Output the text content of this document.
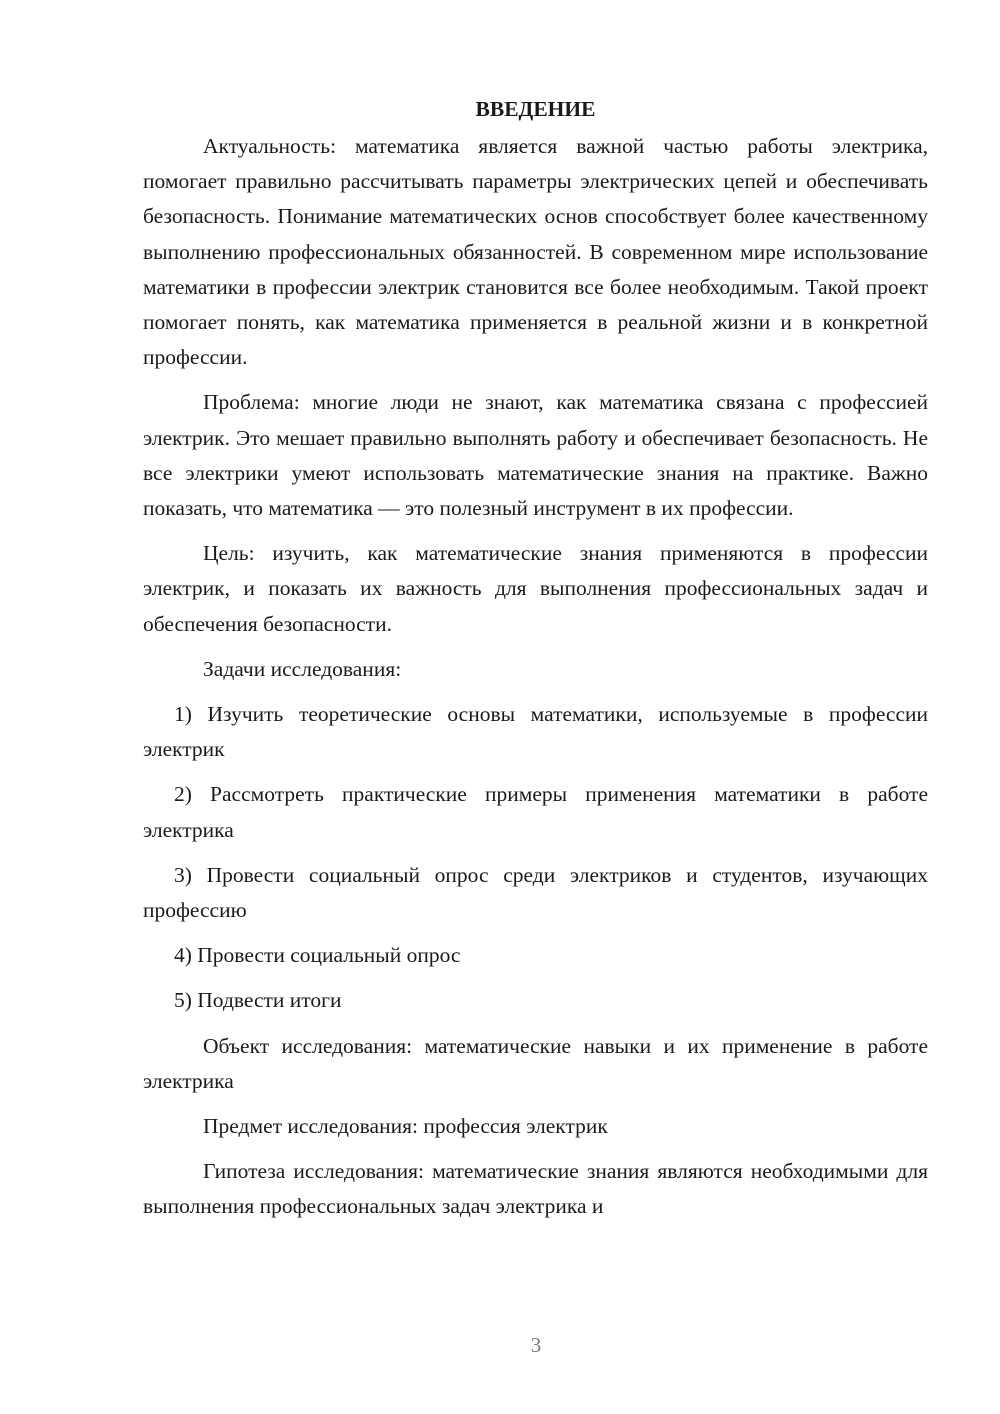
ВВЕДЕНИЕ

Актуальность: математика является важной частью работы электрика, помогает правильно рассчитывать параметры электрических цепей и обеспечивать безопасность. Понимание математических основ способствует более качественному выполнению профессиональных обязанностей. В современном мире использование математики в профессии электрик становится все более необходимым. Такой проект помогает понять, как математика применяется в реальной жизни и в конкретной профессии.

Проблема: многие люди не знают, как математика связана с профессией электрик. Это мешает правильно выполнять работу и обеспечивает безопасность. Не все электрики умеют использовать математические знания на практике. Важно показать, что математика — это полезный инструмент в их профессии.

Цель: изучить, как математические знания применяются в профессии электрик, и показать их важность для выполнения профессиональных задач и обеспечения безопасности.

Задачи исследования:

1) Изучить теоретические основы математики, используемые в профессии электрик

2) Рассмотреть практические примеры применения математики в работе электрика

3) Провести социальный опрос среди электриков и студентов, изучающих профессию

4) Провести социальный опрос

5) Подвести итоги

Объект исследования: математические навыки и их применение в работе электрика

Предмет исследования: профессия электрик

Гипотеза исследования: математические знания являются необходимыми для выполнения профессиональных задач электрика и

3
